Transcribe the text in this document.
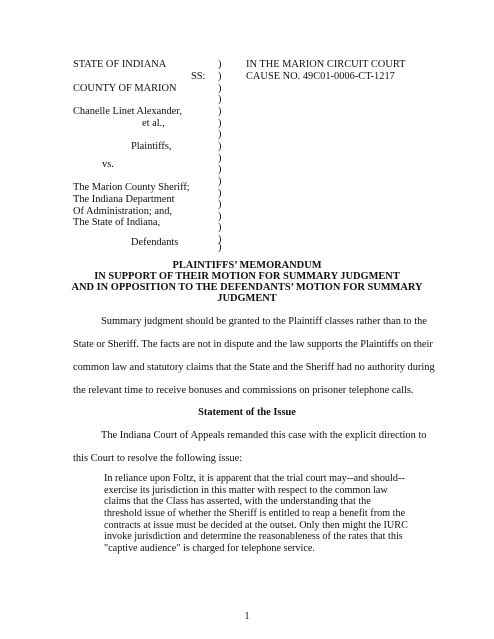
STATE OF INDIANA
SS:
COUNTY OF MARION
Chanelle Linet Alexander,
et al.,
Plaintiffs,
vs.
The Marion County Sheriff;
The Indiana Department
Of Administration; and,
The State of Indiana,
Defendants
)
)
)
)
)
)
)
)
)
)
)
)
)
)
)
)
)
IN THE MARION CIRCUIT COURT
CAUSE NO. 49C01-0006-CT-1217
PLAINTIFFS’ MEMORANDUM
IN SUPPORT OF THEIR MOTION FOR SUMMARY JUDGMENT
AND IN OPPOSITION TO THE DEFENDANTS’ MOTION FOR SUMMARY
JUDGMENT
Summary judgment should be granted to the Plaintiff classes rather than to the
State or Sheriff. The facts are not in dispute and the law supports the Plaintiffs on their
common law and statutory claims that the State and the Sheriff had no authority during
the relevant time to receive bonuses and commissions on prisoner telephone calls.
Statement of the Issue
The Indiana Court of Appeals remanded this case with the explicit direction to
this Court to resolve the following issue:
In reliance upon Foltz, it is apparent that the trial court may--and should--
exercise its jurisdiction in this matter with respect to the common law
claims that the Class has asserted, with the understanding that the
threshold issue of whether the Sheriff is entitled to reap a benefit from the
contracts at issue must be decided at the outset. Only then might the IURC
invoke jurisdiction and determine the reasonableness of the rates that this
"captive audience" is charged for telephone service.
1
